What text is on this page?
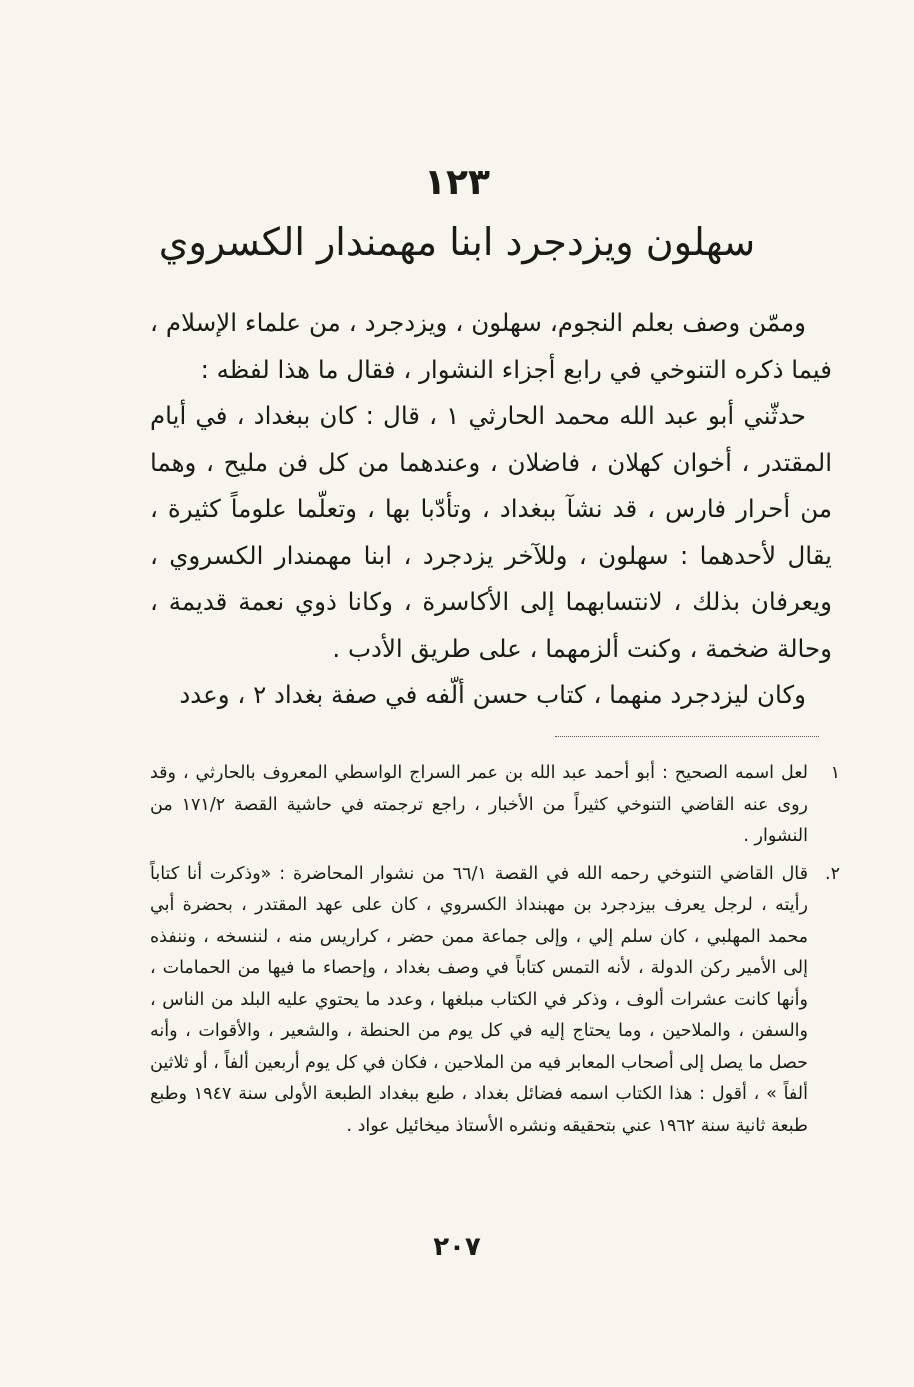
١٢٣
سهلون ويزدجرد ابنا مهمندار الكسروي

وممّن وصف بعلم النجوم، سهلون ، ويزدجرد ، من علماء الإسلام ، فيما ذكره التنوخي في رابع أجزاء النشوار ، فقال ما هذا لفظه :

حدثّني أبو عبد الله محمد الحارثي ١ ، قال : كان ببغداد ، في أيام المقتدر ، أخوان كهلان ، فاضلان ، وعندهما من كل فن مليح ، وهما من أحرار فارس ، قد نشآ ببغداد ، وتأدّبا بها ، وتعلّما علوماً كثيرة ، يقال لأحدهما : سهلون ، وللآخر يزدجرد ، ابنا مهمندار الكسروي ، ويعرفان بذلك ، لانتسابهما إلى الأكاسرة ، وكانا ذوي نعمة قديمة ، وحالة ضخمة ، وكنت ألزمهما ، على طريق الأدب .

وكان ليزدجرد منهما ، كتاب حسن ألّفه في صفة بغداد ٢ ، وعدد

١
لعل اسمه الصحيح : أبو أحمد عبد الله بن عمر السراج الواسطي المعروف بالحارثي ، وقد روى عنه القاضي التنوخي كثيراً من الأخبار ، راجع ترجمته في حاشية القصة ١٧١/٢ من النشوار .
٢.
قال القاضي التنوخي رحمه الله في القصة ٦٦/١ من نشوار المحاضرة : «وذكرت أنا كتاباً رأيته ، لرجل يعرف بيزدجرد بن مهبنداذ الكسروي ، كان على عهد المقتدر ، بحضرة أبي محمد المهلبي ، كان سلم إلي ، وإلى جماعة ممن حضر ، كراريس منه ، لننسخه ، وننفذه إلى الأمير ركن الدولة ، لأنه التمس كتاباً في وصف بغداد ، وإحصاء ما فيها من الحمامات ، وأنها كانت عشرات ألوف ، وذكر في الكتاب مبلغها ، وعدد ما يحتوي عليه البلد من الناس ، والسفن ، والملاحين ، وما يحتاج إليه في كل يوم من الحنطة ، والشعير ، والأقوات ، وأنه حصل ما يصل إلى أصحاب المعابر فيه من الملاحين ، فكان في كل يوم أربعين ألفاً ، أو ثلاثين ألفاً » ، أقول : هذا الكتاب اسمه فضائل بغداد ، طبع ببغداد الطبعة الأولى سنة ١٩٤٧ وطبع طبعة ثانية سنة ١٩٦٢ عني بتحقيقه ونشره الأستاذ ميخائيل عواد .
٢٠٧
